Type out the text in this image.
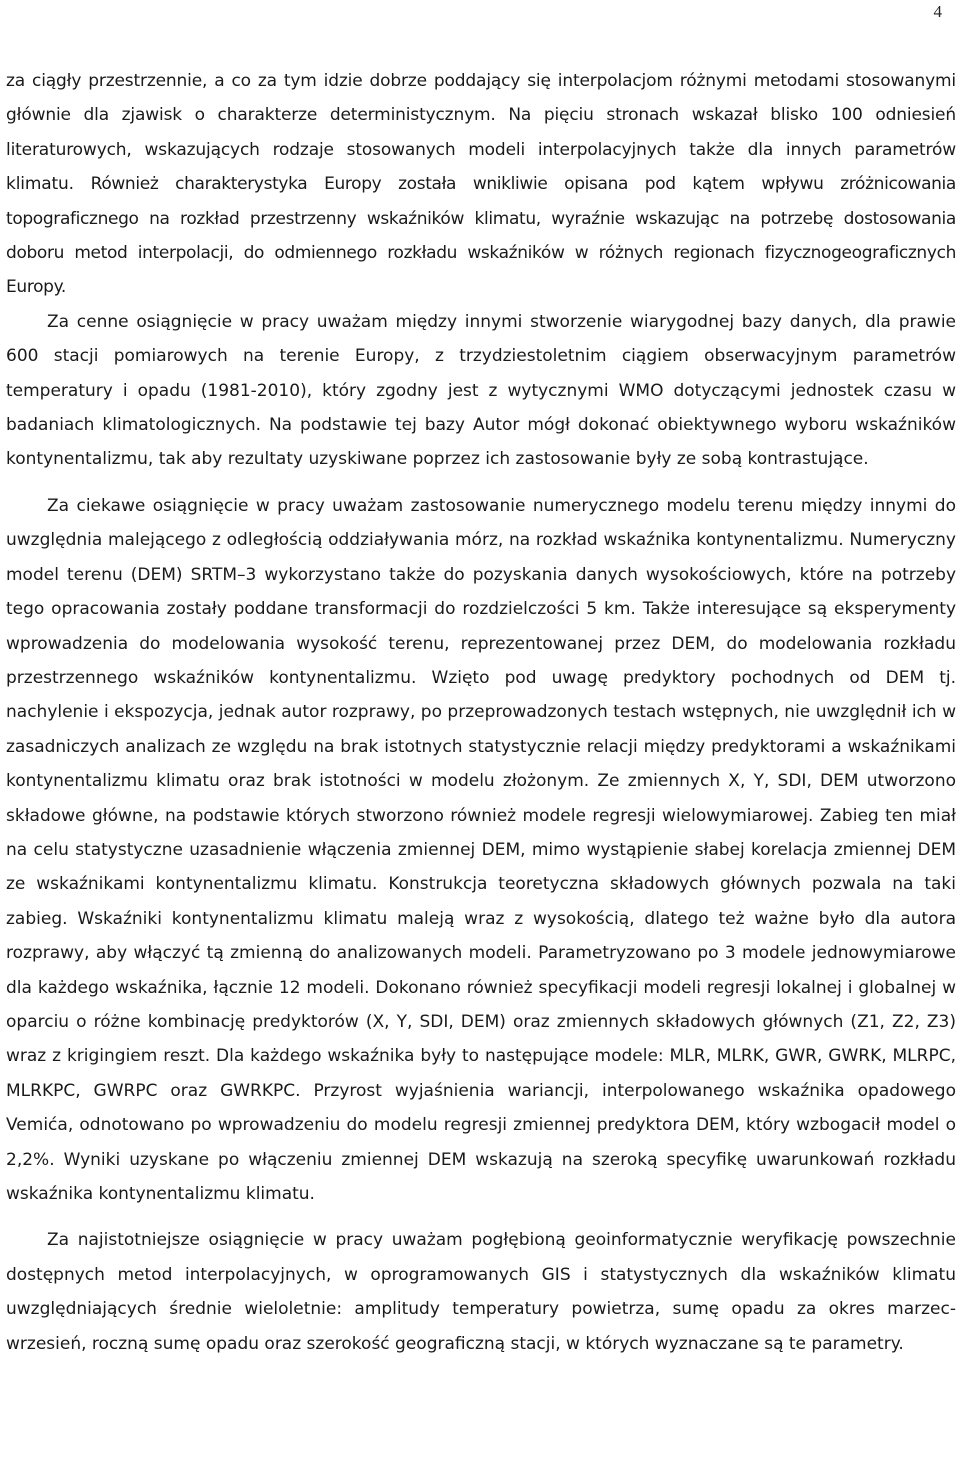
4

za ciągły przestrzennie, a co za tym idzie dobrze poddający się interpolacjom różnymi metodami stosowanymi głównie dla zjawisk o charakterze deterministycznym. Na pięciu stronach wskazał blisko 100 odniesień literaturowych, wskazujących rodzaje stosowanych modeli interpolacyjnych także dla innych parametrów klimatu. Również charakterystyka Europy została wnikliwie opisana pod kątem wpływu zróżnicowania topograficznego na rozkład przestrzenny wskaźników klimatu, wyraźnie wskazując na potrzebę dostosowania doboru metod interpolacji, do odmiennego rozkładu wskaźników w różnych regionach fizycznogeograficznych Europy.

Za cenne osiągnięcie w pracy uważam między innymi stworzenie wiarygodnej bazy danych, dla prawie 600 stacji pomiarowych na terenie Europy, z trzydziestoletnim ciągiem obserwacyjnym parametrów temperatury i opadu (1981-2010), który zgodny jest z wytycznymi WMO dotyczącymi jednostek czasu w badaniach klimatologicznych. Na podstawie tej bazy Autor mógł dokonać obiektywnego wyboru wskaźników kontynentalizmu, tak aby rezultaty uzyskiwane poprzez ich zastosowanie były ze sobą kontrastujące.

Za ciekawe osiągnięcie w pracy uważam zastosowanie numerycznego modelu terenu między innymi do uwzględnia malejącego z odległością oddziaływania mórz, na rozkład wskaźnika kontynentalizmu. Numeryczny model terenu (DEM) SRTM–3 wykorzystano także do pozyskania danych wysokościowych, które na potrzeby tego opracowania zostały poddane transformacji do rozdzielczości 5 km. Także interesujące są eksperymenty wprowadzenia do modelowania wysokość terenu, reprezentowanej przez DEM, do modelowania rozkładu przestrzennego wskaźników kontynentalizmu. Wzięto pod uwagę predyktory pochodnych od DEM tj. nachylenie i ekspozycja, jednak autor rozprawy, po przeprowadzonych testach wstępnych, nie uwzględnił ich w zasadniczych analizach ze względu na brak istotnych statystycznie relacji między predyktorami a wskaźnikami kontynentalizmu klimatu oraz brak istotności w modelu złożonym. Ze zmiennych X, Y, SDI, DEM utworzono składowe główne, na podstawie których stworzono również modele regresji wielowymiarowej. Zabieg ten miał na celu statystyczne uzasadnienie włączenia zmiennej DEM, mimo wystąpienie słabej korelacja zmiennej DEM ze wskaźnikami kontynentalizmu klimatu. Konstrukcja teoretyczna składowych głównych pozwala na taki zabieg. Wskaźniki kontynentalizmu klimatu maleją wraz z wysokością, dlatego też ważne było dla autora rozprawy, aby włączyć tą zmienną do analizowanych modeli. Parametryzowano po 3 modele jednowymiarowe dla każdego wskaźnika, łącznie 12 modeli. Dokonano również specyfikacji modeli regresji lokalnej i globalnej w oparciu o różne kombinację predyktorów (X, Y, SDI, DEM) oraz zmiennych składowych głównych (Z1, Z2, Z3) wraz z krigingiem reszt. Dla każdego wskaźnika były to następujące modele: MLR, MLRK, GWR, GWRK, MLRPC, MLRKPC, GWRPC oraz GWRKPC. Przyrost wyjaśnienia wariancji, interpolowanego wskaźnika opadowego Vemića, odnotowano po wprowadzeniu do modelu regresji zmiennej predyktora DEM, który wzbogacił model o 2,2%. Wyniki uzyskane po włączeniu zmiennej DEM wskazują na szeroką specyfikę uwarunkowań rozkładu wskaźnika kontynentalizmu klimatu.

Za najistotniejsze osiągnięcie w pracy uważam pogłębioną geoinformatycznie weryfikację powszechnie dostępnych metod interpolacyjnych, w oprogramowanych GIS i statystycznych dla wskaźników klimatu uwzględniających średnie wieloletnie: amplitudy temperatury powietrza, sumę opadu za okres marzec-wrzesień, roczną sumę opadu oraz szerokość geograficzną stacji, w których wyznaczane są te parametry.
